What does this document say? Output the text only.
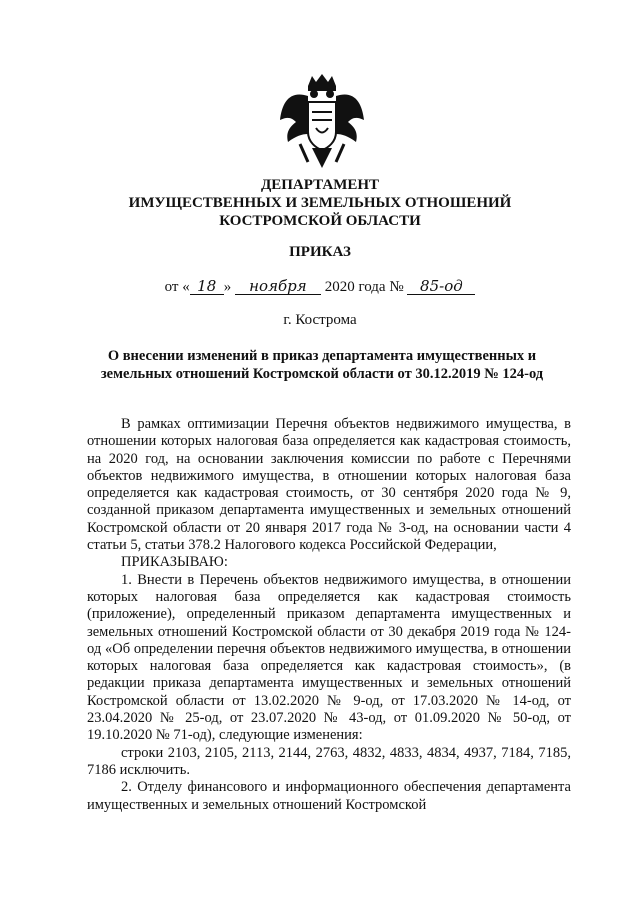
ДЕПАРТАМЕНТ
ИМУЩЕСТВЕННЫХ И ЗЕМЕЛЬНЫХ ОТНОШЕНИЙ
КОСТРОМСКОЙ ОБЛАСТИ
ПРИКАЗ
от « 18 » ноября 2020 года № 85-од
г. Кострома
О внесении изменений в приказ департамента имущественных и земельных отношений Костромской области от 30.12.2019 № 124-од

В рамках оптимизации Перечня объектов недвижимого имущества, в отношении которых налоговая база определяется как кадастровая стоимость, на 2020 год, на основании заключения комиссии по работе с Перечнями объектов недвижимого имущества, в отношении которых налоговая база определяется как кадастровая стоимость, от 30 сентября 2020 года № 9, созданной приказом департамента имущественных и земельных отношений Костромской области от 20 января 2017 года № 3-од, на основании части 4 статьи 5, статьи 378.2 Налогового кодекса Российской Федерации,

ПРИКАЗЫВАЮ:

1. Внести в Перечень объектов недвижимого имущества, в отношении которых налоговая база определяется как кадастровая стоимость (приложение), определенный приказом департамента имущественных и земельных отношений Костромской области от 30 декабря 2019 года № 124-од «Об определении перечня объектов недвижимого имущества, в отношении которых налоговая база определяется как кадастровая стоимость», (в редакции приказа департамента имущественных и земельных отношений Костромской области от 13.02.2020 № 9-од, от 17.03.2020 № 14-од, от 23.04.2020 № 25-од, от 23.07.2020 № 43-од, от 01.09.2020 № 50-од, от 19.10.2020 № 71-од), следующие изменения:

строки 2103, 2105, 2113, 2144, 2763, 4832, 4833, 4834, 4937, 7184, 7185, 7186 исключить.

2. Отделу финансового и информационного обеспечения департамента имущественных и земельных отношений Костромской
